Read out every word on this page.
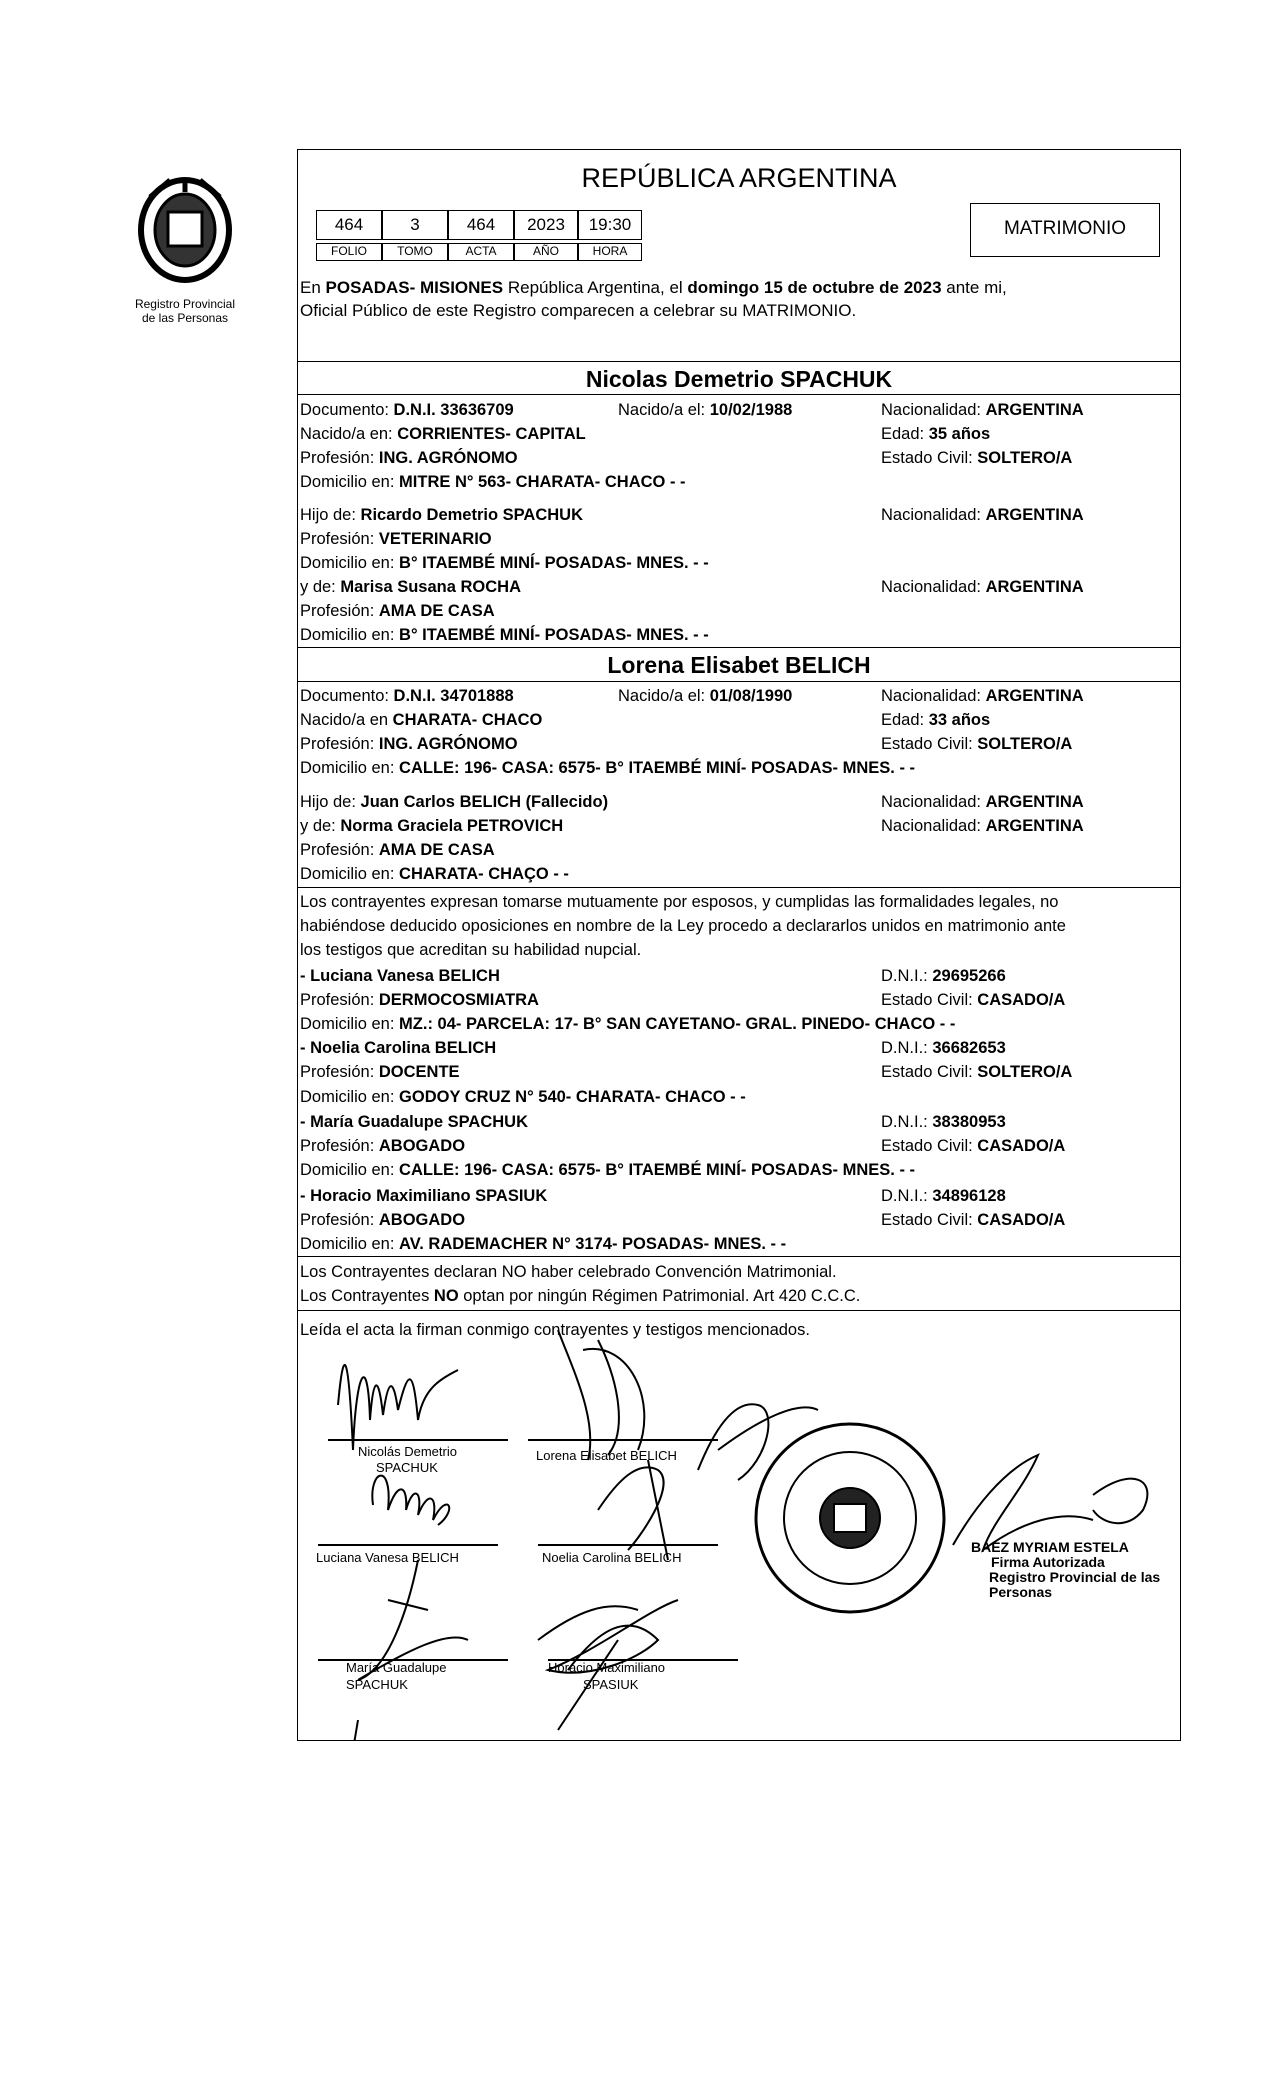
Registro Provincial
de las Personas
REPÚBLICA ARGENTINA
464	3	464	2023	19:30
FOLIO	TOMO	ACTA	AÑO	HORA
MATRIMONIO
En POSADAS- MISIONES República Argentina, el domingo 15 de octubre de 2023 ante mi,
Oficial Público de este Registro comparecen a celebrar su MATRIMONIO.
Nicolas Demetrio SPACHUK
Documento: D.N.I. 33636709	Nacido/a el: 10/02/1988	Nacionalidad: ARGENTINA
Nacido/a en: CORRIENTES- CAPITAL	Edad: 35 años
Profesión: ING. AGRÓNOMO	Estado Civil: SOLTERO/A
Domicilio en: MITRE N° 563- CHARATA- CHACO - -
Hijo de: Ricardo Demetrio SPACHUK	Nacionalidad: ARGENTINA
Profesión: VETERINARIO
Domicilio en: B° ITAEMBÉ MINÍ- POSADAS- MNES. - -
y de: Marisa Susana ROCHA	Nacionalidad: ARGENTINA
Profesión: AMA DE CASA
Domicilio en: B° ITAEMBÉ MINÍ- POSADAS- MNES. - -
Lorena Elisabet BELICH
Documento: D.N.I. 34701888	Nacido/a el: 01/08/1990	Nacionalidad: ARGENTINA
Nacido/a en CHARATA- CHACO	Edad: 33 años
Profesión: ING. AGRÓNOMO	Estado Civil: SOLTERO/A
Domicilio en: CALLE: 196- CASA: 6575- B° ITAEMBÉ MINÍ- POSADAS- MNES. - -
Hijo de: Juan Carlos BELICH (Fallecido)	Nacionalidad: ARGENTINA
y de: Norma Graciela PETROVICH	Nacionalidad: ARGENTINA
Profesión: AMA DE CASA
Domicilio en: CHARATA- CHAÇO - -
Los contrayentes expresan tomarse mutuamente por esposos, y cumplidas las formalidades legales, no
habiéndose deducido oposiciones en nombre de la Ley procedo a declararlos unidos en matrimonio ante
los testigos que acreditan su habilidad nupcial.
- Luciana Vanesa BELICH	D.N.I.: 29695266
Profesión: DERMOCOSMIATRA	Estado Civil: CASADO/A
Domicilio en: MZ.: 04- PARCELA: 17- B° SAN CAYETANO- GRAL. PINEDO- CHACO - -
- Noelia Carolina BELICH	D.N.I.: 36682653
Profesión: DOCENTE	Estado Civil: SOLTERO/A
Domicilio en: GODOY CRUZ N° 540- CHARATA- CHACO - -
- María Guadalupe SPACHUK	D.N.I.: 38380953
Profesión: ABOGADO	Estado Civil: CASADO/A
Domicilio en: CALLE: 196- CASA: 6575- B° ITAEMBÉ MINÍ- POSADAS- MNES. - -
- Horacio Maximiliano SPASIUK	D.N.I.: 34896128
Profesión: ABOGADO	Estado Civil: CASADO/A
Domicilio en: AV. RADEMACHER N° 3174- POSADAS- MNES. - -
Los Contrayentes declaran NO haber celebrado Convención Matrimonial.
Los Contrayentes NO optan por ningún Régimen Patrimonial. Art 420 C.C.C.
Leída el acta la firman conmigo contrayentes y testigos mencionados.
Nicolás Demetrio
SPACHUK
Lorena Elisabet BELICH
Luciana Vanesa BELICH	Noelia Carolina BELICH
María Guadalupe
SPACHUK
Horacio Maximiliano
SPASIUK
BAEZ MYRIAM ESTELA
Firma Autorizada
Registro Provincial de las Personas
